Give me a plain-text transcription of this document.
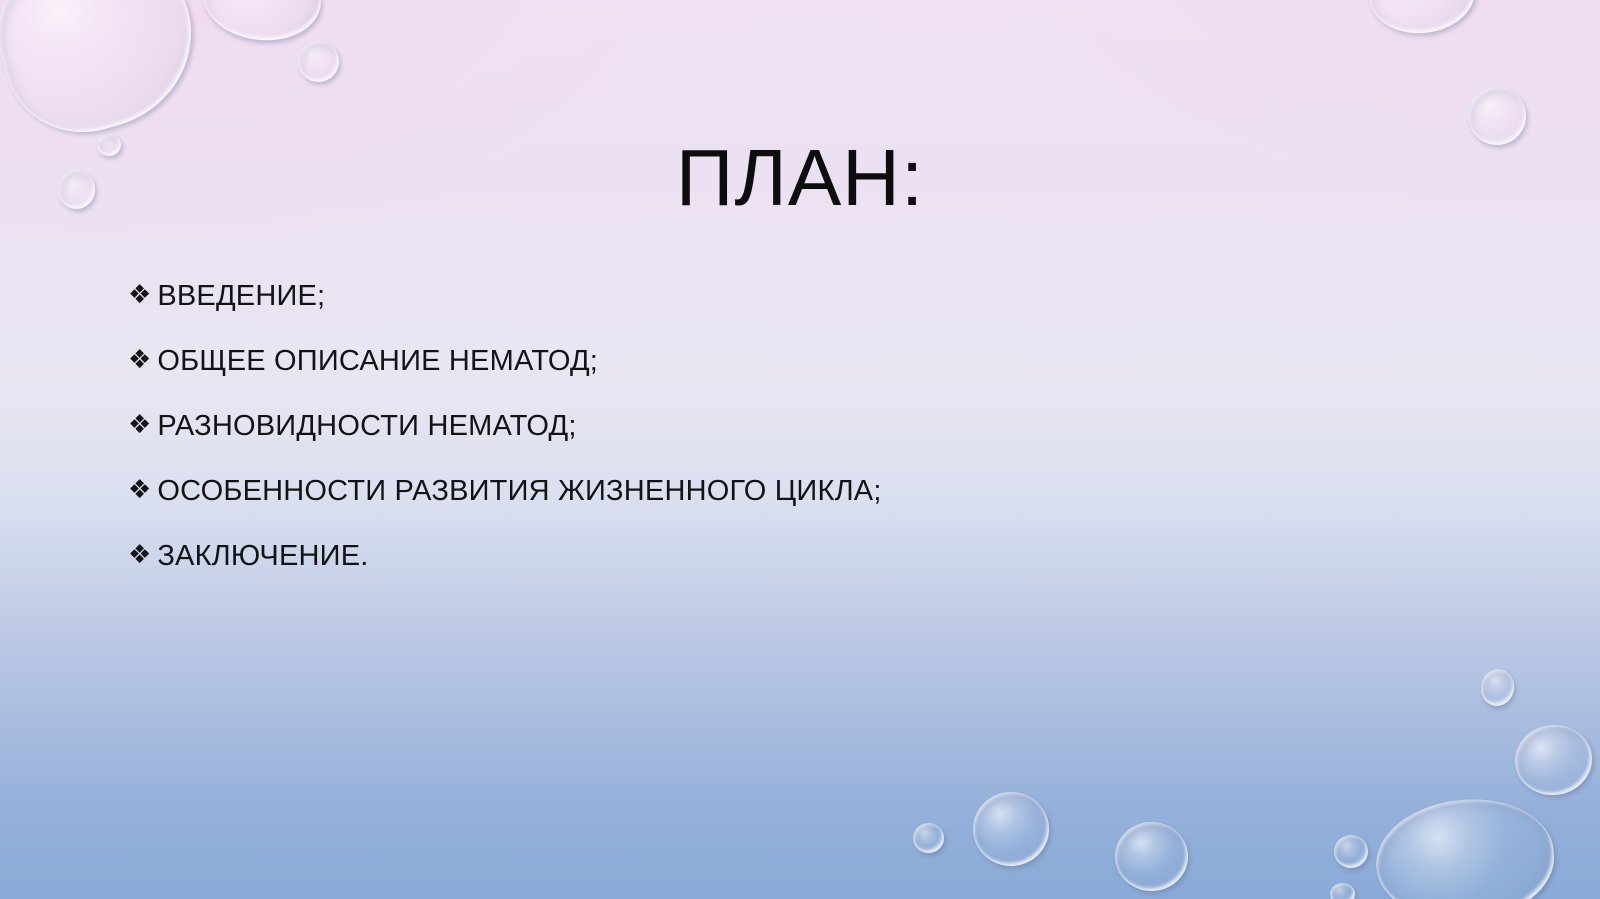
ПЛАН:
❖ ВВЕДЕНИЕ;
❖ ОБЩЕЕ ОПИСАНИЕ НЕМАТОД;
❖ РАЗНОВИДНОСТИ НЕМАТОД;
❖ ОСОБЕННОСТИ РАЗВИТИЯ ЖИЗНЕННОГО ЦИКЛА;
❖ ЗАКЛЮЧЕНИЕ.
